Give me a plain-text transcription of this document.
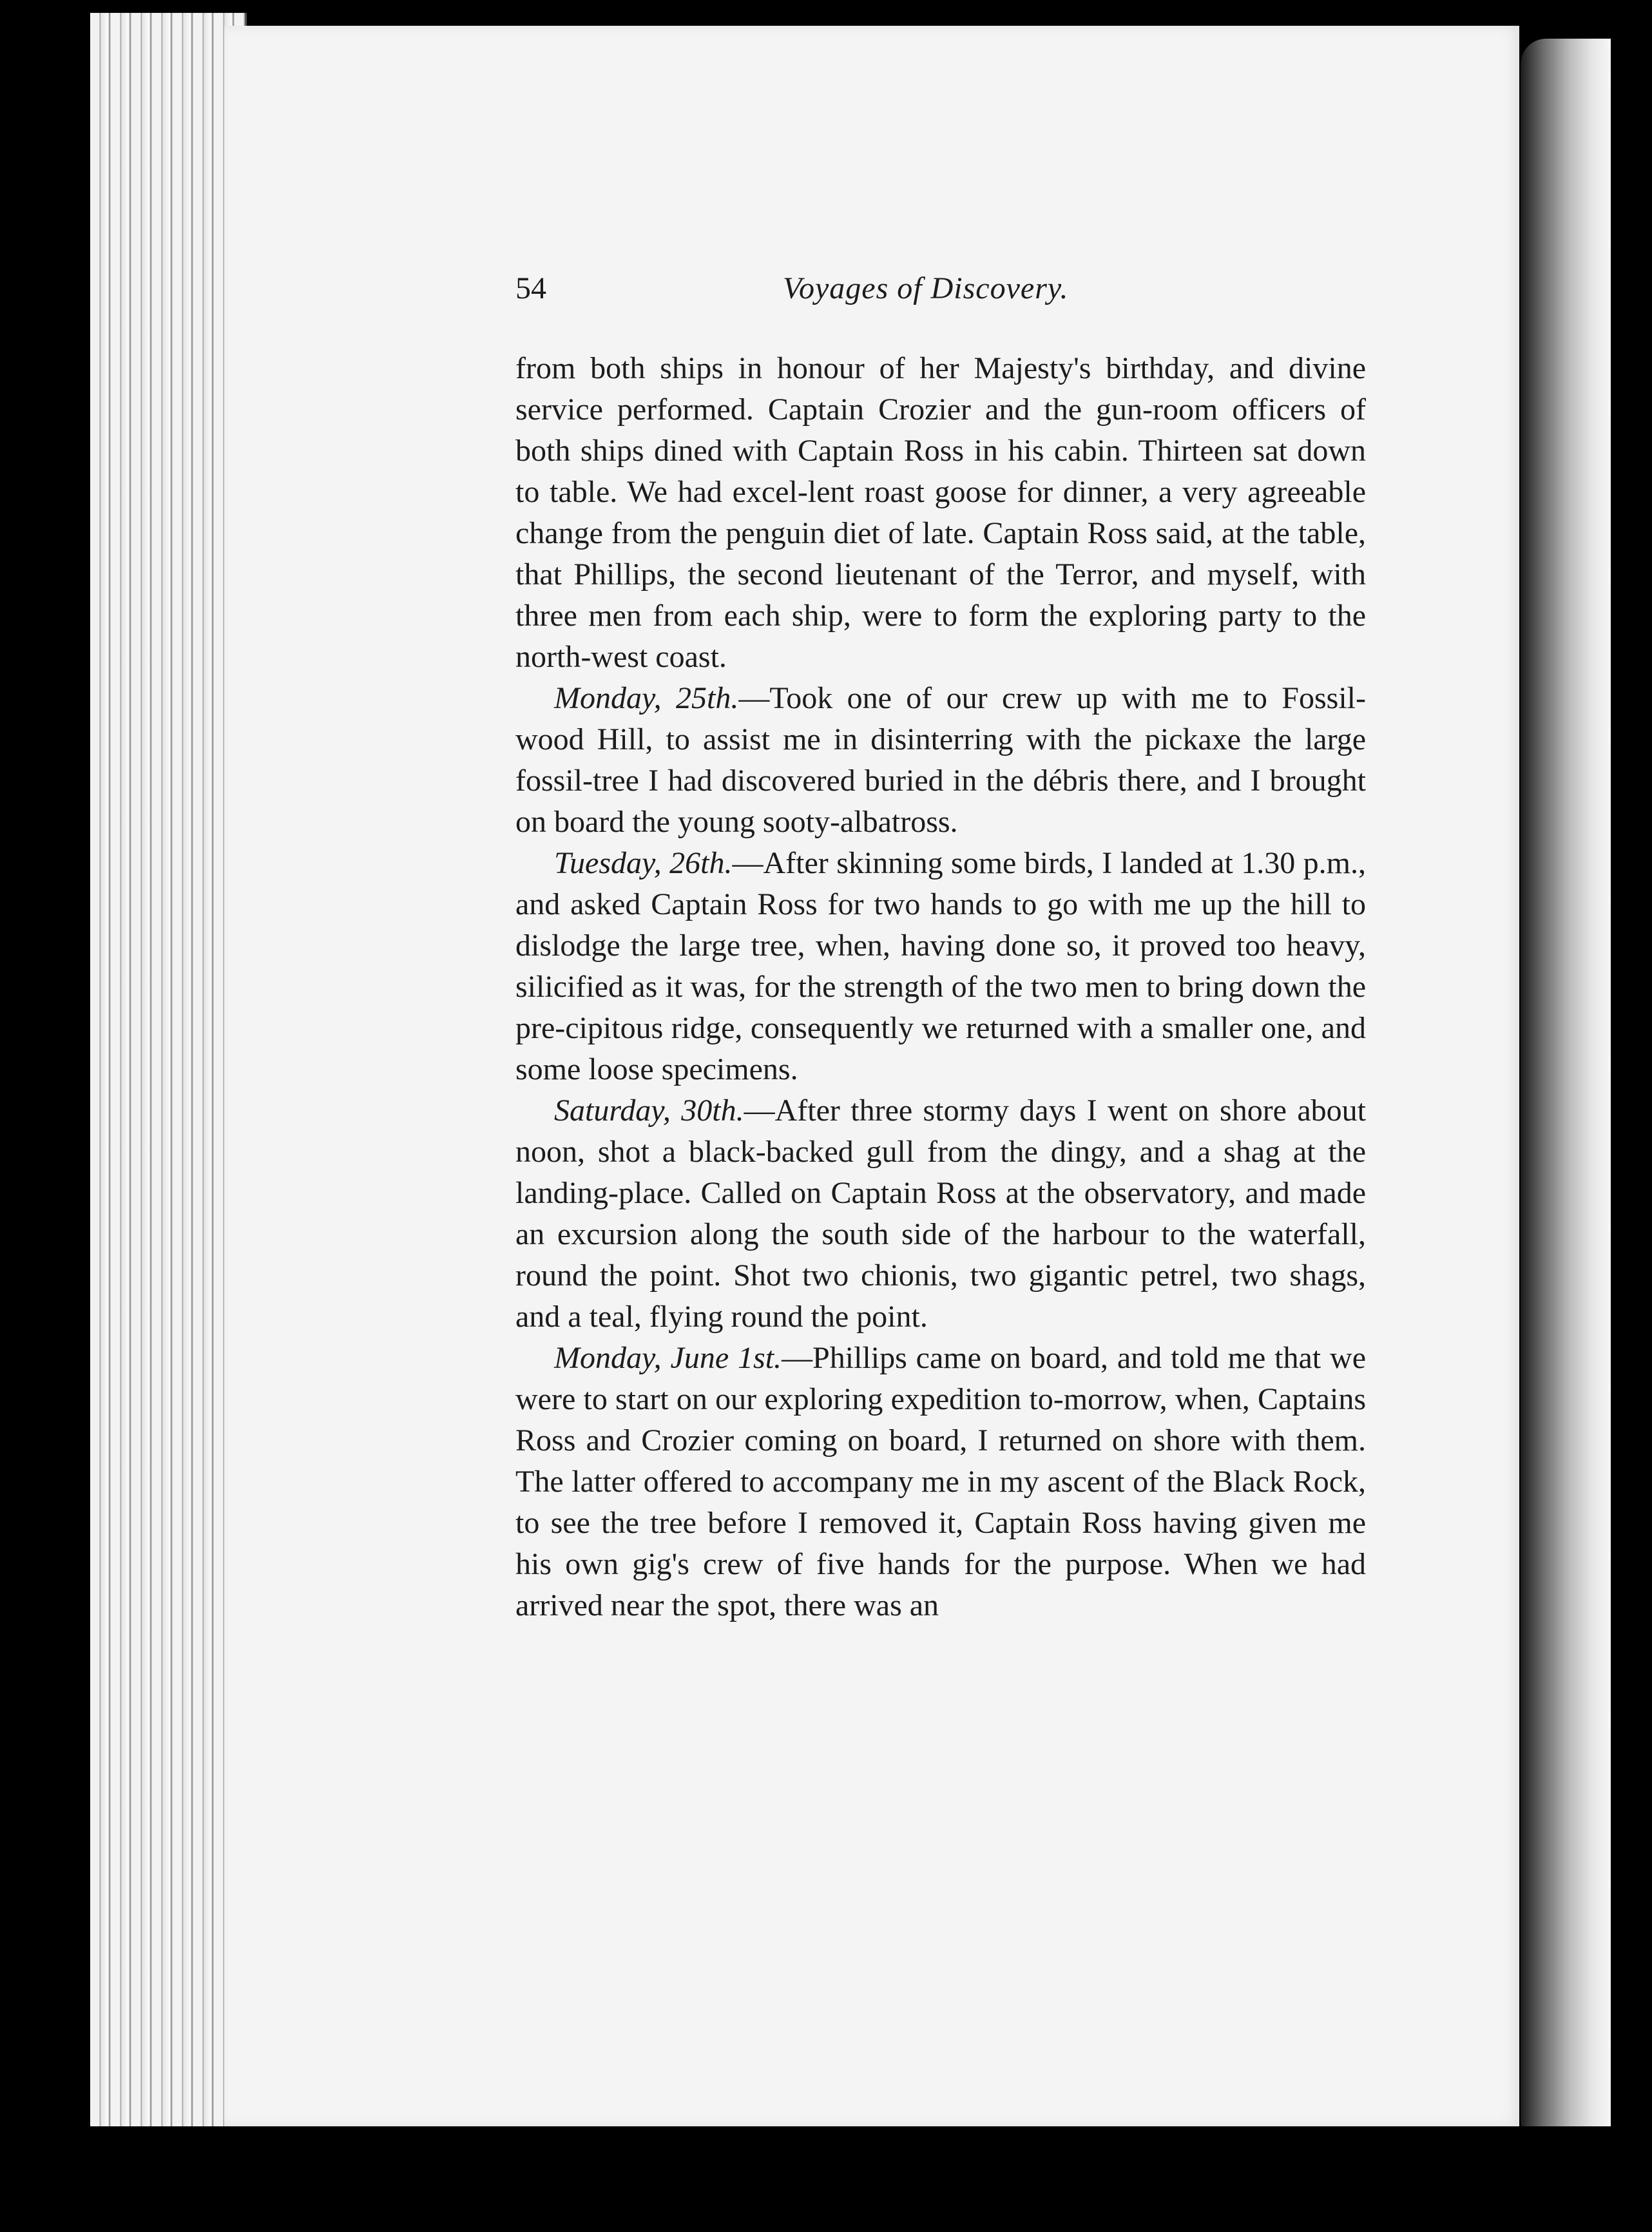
54	Voyages of Discovery.

from both ships in honour of her Majesty's birthday, and divine service performed. Captain Crozier and the gun-room officers of both ships dined with Captain Ross in his cabin. Thirteen sat down to table. We had excel-lent roast goose for dinner, a very agreeable change from the penguin diet of late. Captain Ross said, at the table, that Phillips, the second lieutenant of the Terror, and myself, with three men from each ship, were to form the exploring party to the north-west coast.

Monday, 25th.—Took one of our crew up with me to Fossil-wood Hill, to assist me in disinterring with the pickaxe the large fossil-tree I had discovered buried in the débris there, and I brought on board the young sooty-albatross.

Tuesday, 26th.—After skinning some birds, I landed at 1.30 p.m., and asked Captain Ross for two hands to go with me up the hill to dislodge the large tree, when, having done so, it proved too heavy, silicified as it was, for the strength of the two men to bring down the pre-cipitous ridge, consequently we returned with a smaller one, and some loose specimens.

Saturday, 30th.—After three stormy days I went on shore about noon, shot a black-backed gull from the dingy, and a shag at the landing-place. Called on Captain Ross at the observatory, and made an excursion along the south side of the harbour to the waterfall, round the point. Shot two chionis, two gigantic petrel, two shags, and a teal, flying round the point.

Monday, June 1st.—Phillips came on board, and told me that we were to start on our exploring expedition to-morrow, when, Captains Ross and Crozier coming on board, I returned on shore with them. The latter offered to accompany me in my ascent of the Black Rock, to see the tree before I removed it, Captain Ross having given me his own gig's crew of five hands for the purpose. When we had arrived near the spot, there was an
